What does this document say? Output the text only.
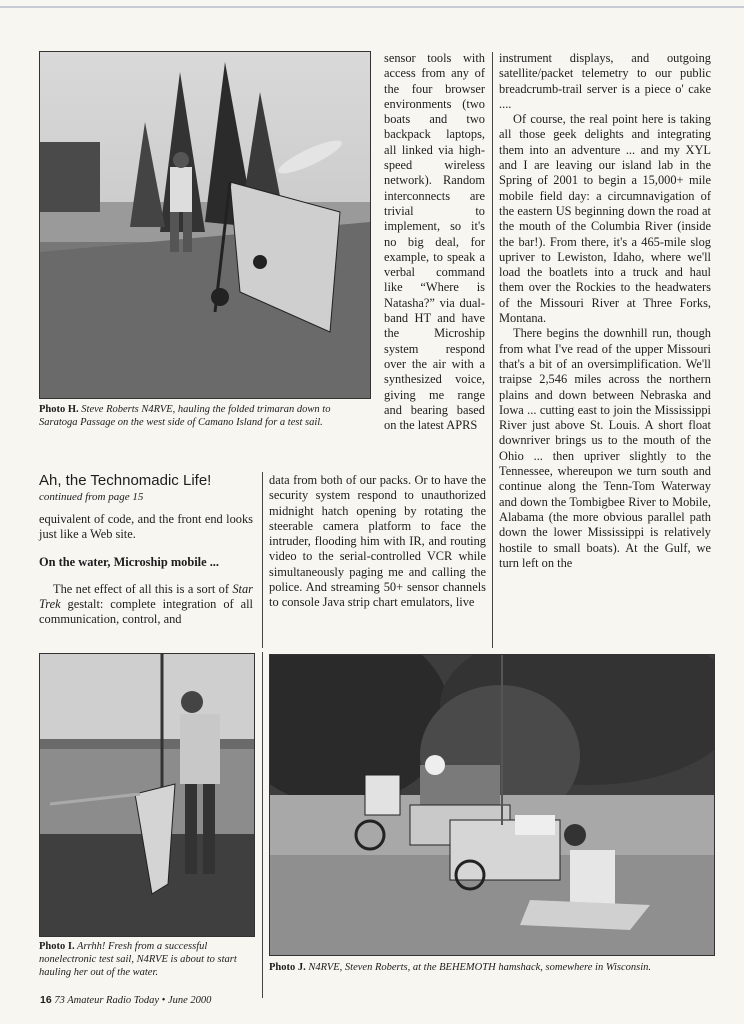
Photo H. Steve Roberts N4RVE, hauling the folded trimaran down to Saratoga Passage on the west side of Camano Island for a test sail.

sensor tools with access from any of the four browser environments (two boats and two backpack laptops, all linked via high-speed wireless network). Random interconnects are trivial to implement, so it's no big deal, for example, to speak a verbal command like “Where is Natasha?” via dual-band HT and have the Microship system respond over the air with a synthesized voice, giving me range and bearing based on the latest APRS

Ah, the Technomadic Life!
continued from page 15

equivalent of code, and the front end looks just like a Web site.

On the water, Microship mobile ...

The net effect of all this is a sort of Star Trek gestalt: complete integration of all communication, control, and

data from both of our packs. Or to have the security system respond to unauthorized midnight hatch opening by rotating the steerable camera platform to face the intruder, flooding him with IR, and routing video to the serial-controlled VCR while simultaneously paging me and calling the police. And streaming 50+ sensor channels to console Java strip chart emulators, live

instrument displays, and outgoing satellite/packet telemetry to our public breadcrumb-trail server is a piece o' cake ....

Of course, the real point here is taking all those geek delights and integrating them into an adventure ... and my XYL and I are leaving our island lab in the Spring of 2001 to begin a 15,000+ mile mobile field day: a circumnavigation of the eastern US beginning down the road at the mouth of the Columbia River (inside the bar!). From there, it's a 465-mile slog upriver to Lewiston, Idaho, where we'll load the boatlets into a truck and haul them over the Rockies to the headwaters of the Missouri River at Three Forks, Montana.

There begins the downhill run, though from what I've read of the upper Missouri that's a bit of an oversimplification. We'll traipse 2,546 miles across the northern plains and down between Nebraska and Iowa ... cutting east to join the Mississippi River just above St. Louis. A short float downriver brings us to the mouth of the Ohio ... then upriver slightly to the Tennessee, whereupon we turn south and continue along the Tenn-Tom Waterway and down the Tombigbee River to Mobile, Alabama (the more obvious parallel path down the lower Mississippi is relatively hostile to small boats). At the Gulf, we turn left on the

Photo I. Arrhh! Fresh from a successful nonelectronic test sail, N4RVE is about to start hauling her out of the water.	Photo J. N4RVE, Steven Roberts, at the BEHEMOTH hamshack, somewhere in Wisconsin.
16 73 Amateur Radio Today • June 2000
